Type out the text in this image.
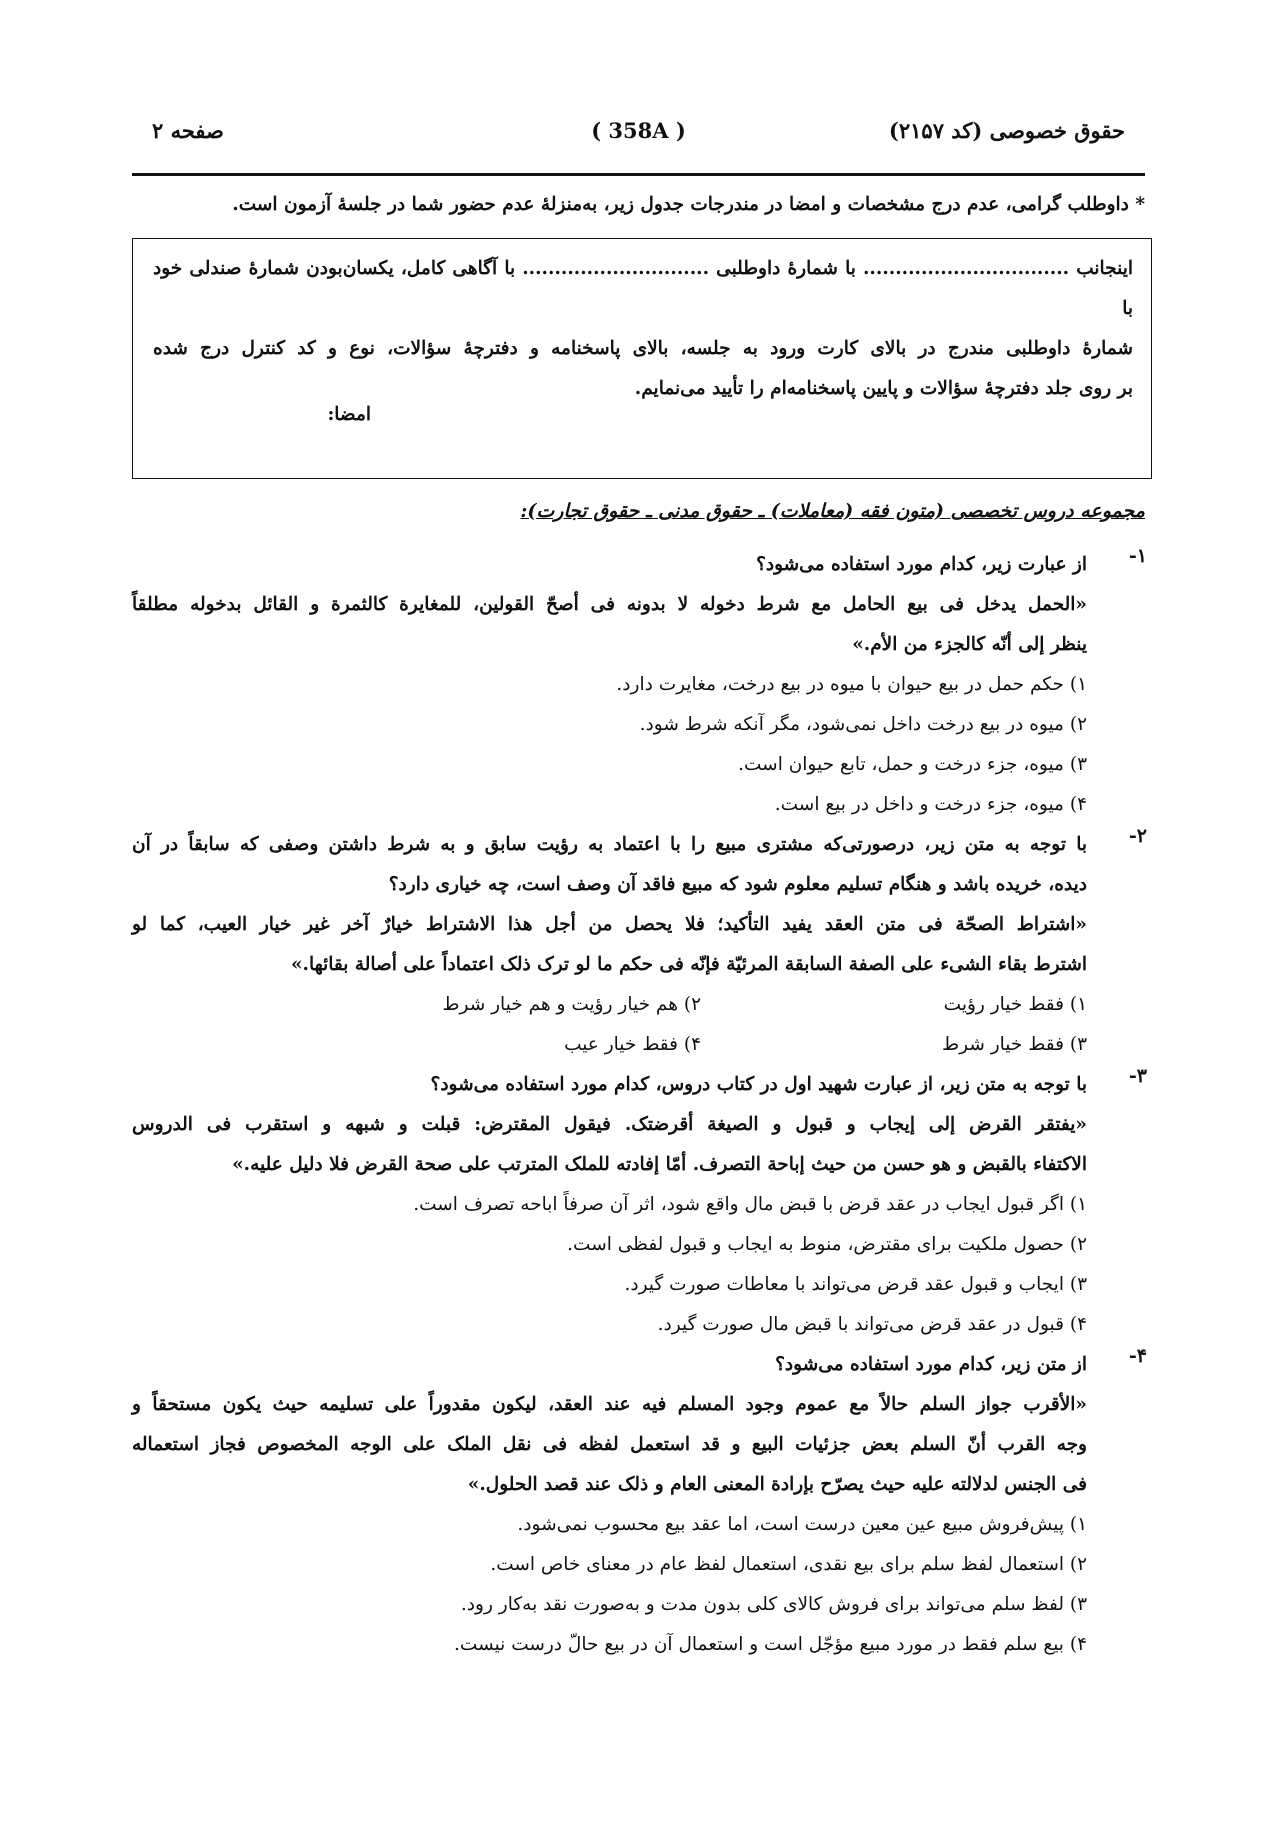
حقوق خصوصی (کد ۲۱۵۷)
( 358A )
صفحه ۲
* داوطلب گرامی، عدم درج مشخصات و امضا در مندرجات جدول زیر، به‌منزلهٔ عدم حضور شما در جلسهٔ آزمون است.
اینجانب ................................ با شمارهٔ داوطلبی ............................. با آگاهی کامل، یکسان‌بودن شمارهٔ صندلی خود با
شمارهٔ داوطلبی مندرج در بالای کارت ورود به جلسه، بالای پاسخنامه و دفترچهٔ سؤالات، نوع و کد کنترل درج شده
بر روی جلد دفترچهٔ سؤالات و پایین پاسخنامه‌ام را تأیید می‌نمایم.
امضا:
مجموعه دروس تخصصی (متون فقه (معاملات) ـ حقوق مدنی ـ حقوق تجارت):
-۱
از عبارت زیر، کدام مورد استفاده می‌شود؟
«الحمل یدخل فی بیع الحامل مع شرط دخوله لا بدونه فی أصحّ القولین، للمغایرة کالثمرة و القائل بدخوله مطلقاً
ینظر إلی أنّه کالجزء من الأم.»
۱) حکم حمل در بیع حیوان با میوه در بیع درخت، مغایرت دارد.
۲) میوه در بیع درخت داخل نمی‌شود، مگر آنکه شرط شود.
۳) میوه، جزء درخت و حمل، تابع حیوان است.
۴) میوه، جزء درخت و داخل در بیع است.
-۲
با توجه به متن زیر، درصورتی‌که مشتری مبیع را با اعتماد به رؤیت سابق و به شرط داشتن وصفی که سابقاً در آن
دیده، خریده باشد و هنگام تسلیم معلوم شود که مبیع فاقد آن وصف است، چه خیاری دارد؟
«اشتراط الصحّة فی متن العقد یفید التأکید؛ فلا یحصل من أجل هذا الاشتراط خیارٌ آخر غیر خیار العیب، کما لو
اشترط بقاء الشیء علی الصفة السابقة المرئیّة فإنّه فی حکم ما لو ترک ذلک اعتماداً علی أصالة بقائها.»
۱) فقط خیار رؤیت
۲) هم خیار رؤیت و هم خیار شرط
۳) فقط خیار شرط
۴) فقط خیار عیب
-۳
با توجه به متن زیر، از عبارت شهید اول در کتاب دروس، کدام مورد استفاده می‌شود؟
«یفتقر القرض إلی إیجاب و قبول و الصیغة أقرضتک. فیقول المقترض: قبلت و شبهه و استقرب فی الدروس
الاکتفاء بالقبض و هو حسن من حیث إباحة التصرف. أمّا إفادته للملک المترتب علی صحة القرض فلا دلیل علیه.»
۱) اگر قبول ایجاب در عقد قرض با قبض مال واقع شود، اثر آن صرفاً اباحه تصرف است.
۲) حصول ملکیت برای مقترض، منوط به ایجاب و قبول لفظی است.
۳) ایجاب و قبول عقد قرض می‌تواند با معاطات صورت گیرد.
۴) قبول در عقد قرض می‌تواند با قبض مال صورت گیرد.
-۴
از متن زیر، کدام مورد استفاده می‌شود؟
«الأقرب جواز السلم حالاً مع عموم وجود المسلم فیه عند العقد، لیکون مقدوراً علی تسلیمه حیث یکون مستحقاً و
وجه القرب أنّ السلم بعض جزئیات البیع و قد استعمل لفظه فی نقل الملک علی الوجه المخصوص فجاز استعماله
فی الجنس لدلالته علیه حیث یصرّح بإرادة المعنی العام و ذلک عند قصد الحلول.»
۱) پیش‌فروش مبیع عین معین درست است، اما عقد بیع محسوب نمی‌شود.
۲) استعمال لفظ سلم برای بیع نقدی، استعمال لفظ عام در معنای خاص است.
۳) لفظ سلم می‌تواند برای فروش کالای کلی بدون مدت و به‌صورت نقد به‌کار رود.
۴) بیع سلم فقط در مورد مبیع مؤجّل است و استعمال آن در بیع حالّ درست نیست.
